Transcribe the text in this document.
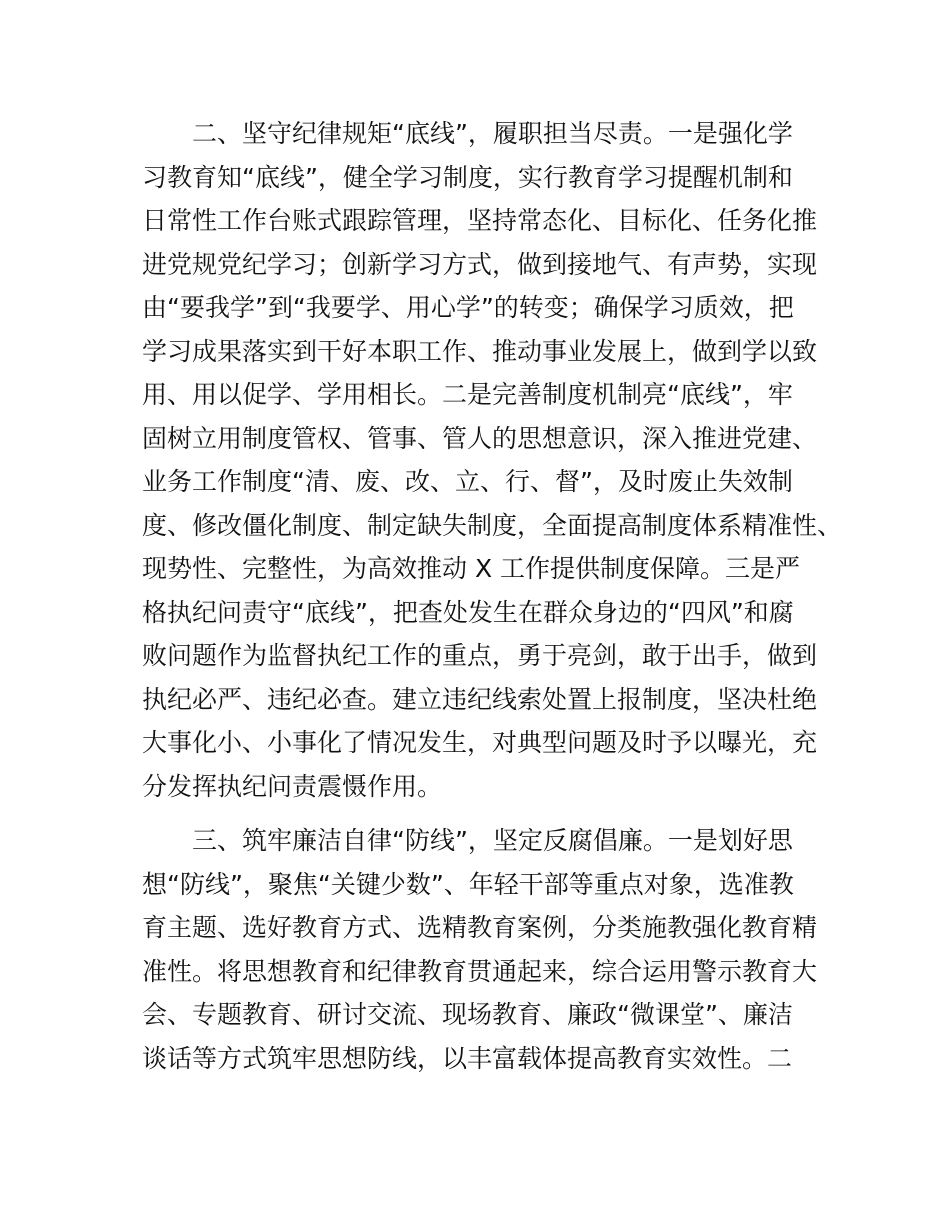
二、坚守纪律规矩“底线”，履职担当尽责。一是强化学
习教育知“底线”，健全学习制度，实行教育学习提醒机制和
日常性工作台账式跟踪管理，坚持常态化、目标化、任务化推
进党规党纪学习；创新学习方式，做到接地气、有声势，实现
由“要我学”到“我要学、用心学”的转变；确保学习质效，把
学习成果落实到干好本职工作、推动事业发展上，做到学以致
用、用以促学、学用相长。二是完善制度机制亮“底线”，牢
固树立用制度管权、管事、管人的思想意识，深入推进党建、
业务工作制度“清、废、改、立、行、督”，及时废止失效制
度、修改僵化制度、制定缺失制度，全面提高制度体系精准性、
现势性、完整性，为高效推动 X 工作提供制度保障。三是严
格执纪问责守“底线”，把查处发生在群众身边的“四风”和腐
败问题作为监督执纪工作的重点，勇于亮剑，敢于出手，做到
执纪必严、违纪必查。建立违纪线索处置上报制度，坚决杜绝
大事化小、小事化了情况发生，对典型问题及时予以曝光，充
分发挥执纪问责震慑作用。
三、筑牢廉洁自律“防线”，坚定反腐倡廉。一是划好思
想“防线”，聚焦“关键少数”、年轻干部等重点对象，选准教
育主题、选好教育方式、选精教育案例，分类施教强化教育精
准性。将思想教育和纪律教育贯通起来，综合运用警示教育大
会、专题教育、研讨交流、现场教育、廉政“微课堂”、廉洁
谈话等方式筑牢思想防线，以丰富载体提高教育实效性。二
